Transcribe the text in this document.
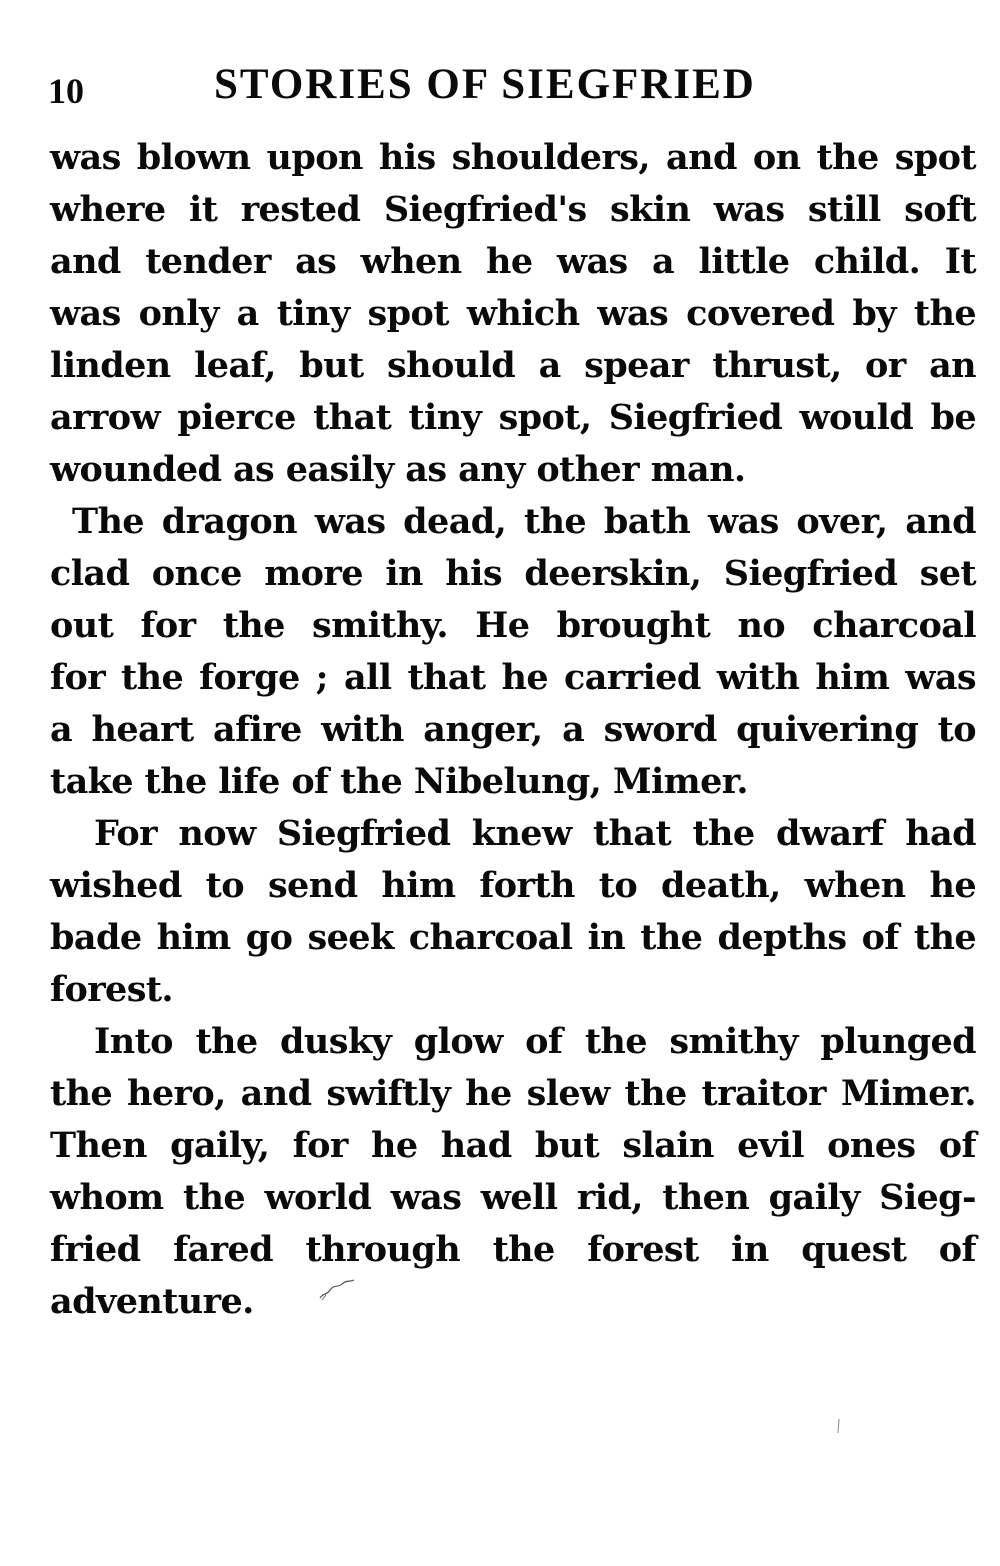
10	STORIES OF SIEGFRIED
was blown upon his shoulders, and on the spot
where it rested Siegfried's skin was still soft
and tender as when he was a little child. It
was only a tiny spot which was covered by the
linden leaf, but should a spear thrust, or an
arrow pierce that tiny spot, Siegfried would be
wounded as easily as any other man.
The dragon was dead, the bath was over, and
clad once more in his deerskin, Siegfried set
out for the smithy. He brought no charcoal
for the forge ; all that he carried with him was
a heart afire with anger, a sword quivering to
take the life of the Nibelung, Mimer.
For now Siegfried knew that the dwarf had
wished to send him forth to death, when he
bade him go seek charcoal in the depths of the
forest.
Into the dusky glow of the smithy plunged
the hero, and swiftly he slew the traitor Mimer.
Then gaily, for he had but slain evil ones of
whom the world was well rid, then gaily Sieg-
fried fared through the forest in quest of
adventure.
